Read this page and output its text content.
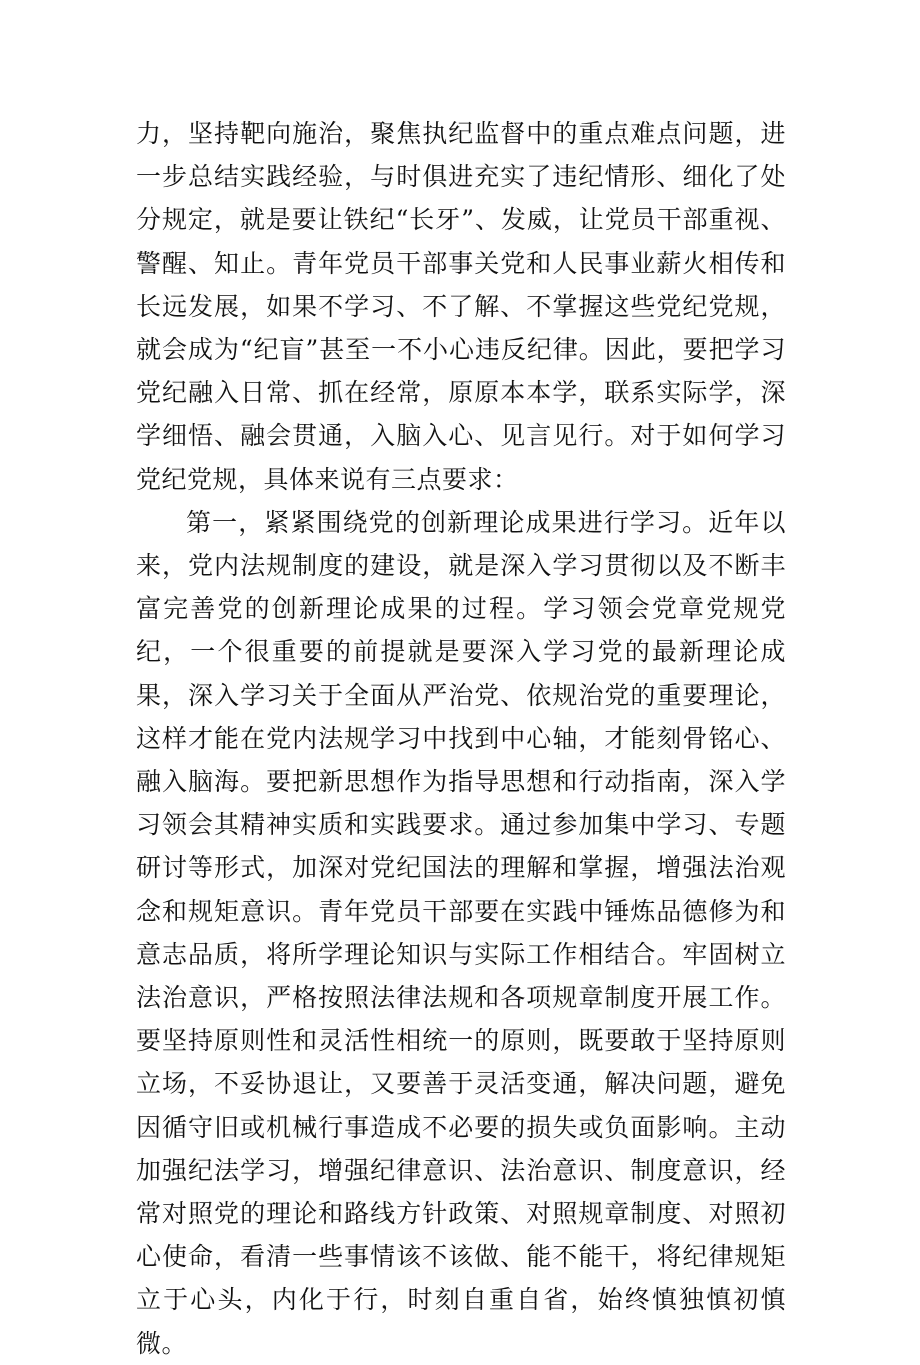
力，坚持靶向施治，聚焦执纪监督中的重点难点问题，进一步总结实践经验，与时俱进充实了违纪情形、细化了处分规定，就是要让铁纪“长牙”、发威，让党员干部重视、警醒、知止。青年党员干部事关党和人民事业薪火相传和长远发展，如果不学习、不了解、不掌握这些党纪党规，就会成为“纪盲”甚至一不小心违反纪律。因此，要把学习党纪融入日常、抓在经常，原原本本学，联系实际学，深学细悟、融会贯通，入脑入心、见言见行。对于如何学习党纪党规，具体来说有三点要求：

第一，紧紧围绕党的创新理论成果进行学习。近年以来，党内法规制度的建设，就是深入学习贯彻以及不断丰富完善党的创新理论成果的过程。学习领会党章党规党纪，一个很重要的前提就是要深入学习党的最新理论成果，深入学习关于全面从严治党、依规治党的重要理论，这样才能在党内法规学习中找到中心轴，才能刻骨铭心、融入脑海。要把新思想作为指导思想和行动指南，深入学习领会其精神实质和实践要求。通过参加集中学习、专题研讨等形式，加深对党纪国法的理解和掌握，增强法治观念和规矩意识。青年党员干部要在实践中锤炼品德修为和意志品质，将所学理论知识与实际工作相结合。牢固树立法治意识，严格按照法律法规和各项规章制度开展工作。要坚持原则性和灵活性相统一的原则，既要敢于坚持原则立场，不妥协退让，又要善于灵活变通，解决问题，避免因循守旧或机械行事造成不必要的损失或负面影响。主动加强纪法学习，增强纪律意识、法治意识、制度意识，经常对照党的理论和路线方针政策、对照规章制度、对照初心使命，看清一些事情该不该做、能不能干，将纪律规矩立于心头，内化于行，时刻自重自省，始终慎独慎初慎微。
